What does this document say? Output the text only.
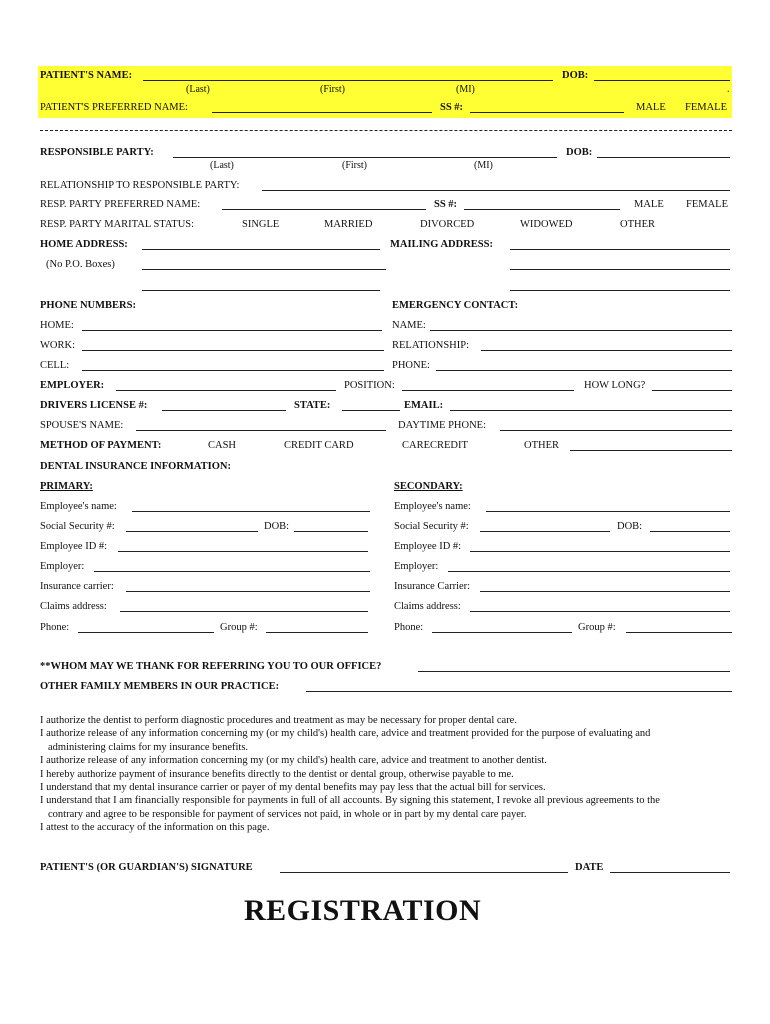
PATIENT'S NAME:	DOB:
(Last)	(First)	(MI)	.
PATIENT'S PREFERRED NAME:	SS #:	MALE FEMALE
RESPONSIBLE PARTY:	DOB:
(Last)	(First)	(MI)
RELATIONSHIP TO RESPONSIBLE PARTY:
RESP. PARTY PREFERRED NAME:	SS #:	MALE FEMALE
RESP. PARTY MARITAL STATUS:	SINGLE	MARRIED	DIVORCED	WIDOWED	OTHER
HOME ADDRESS:	MAILING ADDRESS:
(No P.O. Boxes)
PHONE NUMBERS:	EMERGENCY CONTACT:
HOME:	NAME:
WORK:	RELATIONSHIP:
CELL:	PHONE:
EMPLOYER:	POSITION:	HOW LONG?
DRIVERS LICENSE #:	STATE:	EMAIL:
SPOUSE'S NAME:	DAYTIME PHONE:
METHOD OF PAYMENT:	CASH	CREDIT CARD	CARECREDIT	OTHER
DENTAL INSURANCE INFORMATION:
PRIMARY:	SECONDARY:
Employee's name:	Employee's name:
Social Security #:	DOB:	Social Security #:	DOB:
Employee ID #:	Employee ID #:
Employer:	Employer:
Insurance carrier:	Insurance Carrier:
Claims address:	Claims address:
Phone:	Group #:	Phone:	Group #:
**WHOM MAY WE THANK FOR REFERRING YOU TO OUR OFFICE?
OTHER FAMILY MEMBERS IN OUR PRACTICE:

I authorize the dentist to perform diagnostic procedures and treatment as may be necessary for proper dental care.

I authorize release of any information concerning my (or my child's) health care, advice and treatment provided for the purpose of evaluating and

administering claims for my insurance benefits.

I authorize release of any information concerning my (or my child's) health care, advice and treatment to another dentist.

I hereby authorize payment of insurance benefits directly to the dentist or dental group, otherwise payable to me.

I understand that my dental insurance carrier or payer of my dental benefits may pay less that the actual bill for services.

I understand that I am financially responsible for payments in full of all accounts. By signing this statement, I revoke all previous agreements to the

contrary and agree to be responsible for payment of services not paid, in whole or in part by my dental care payer.

I attest to the accuracy of the information on this page.

PATIENT'S (OR GUARDIAN'S) SIGNATURE	DATE
REGISTRATION
